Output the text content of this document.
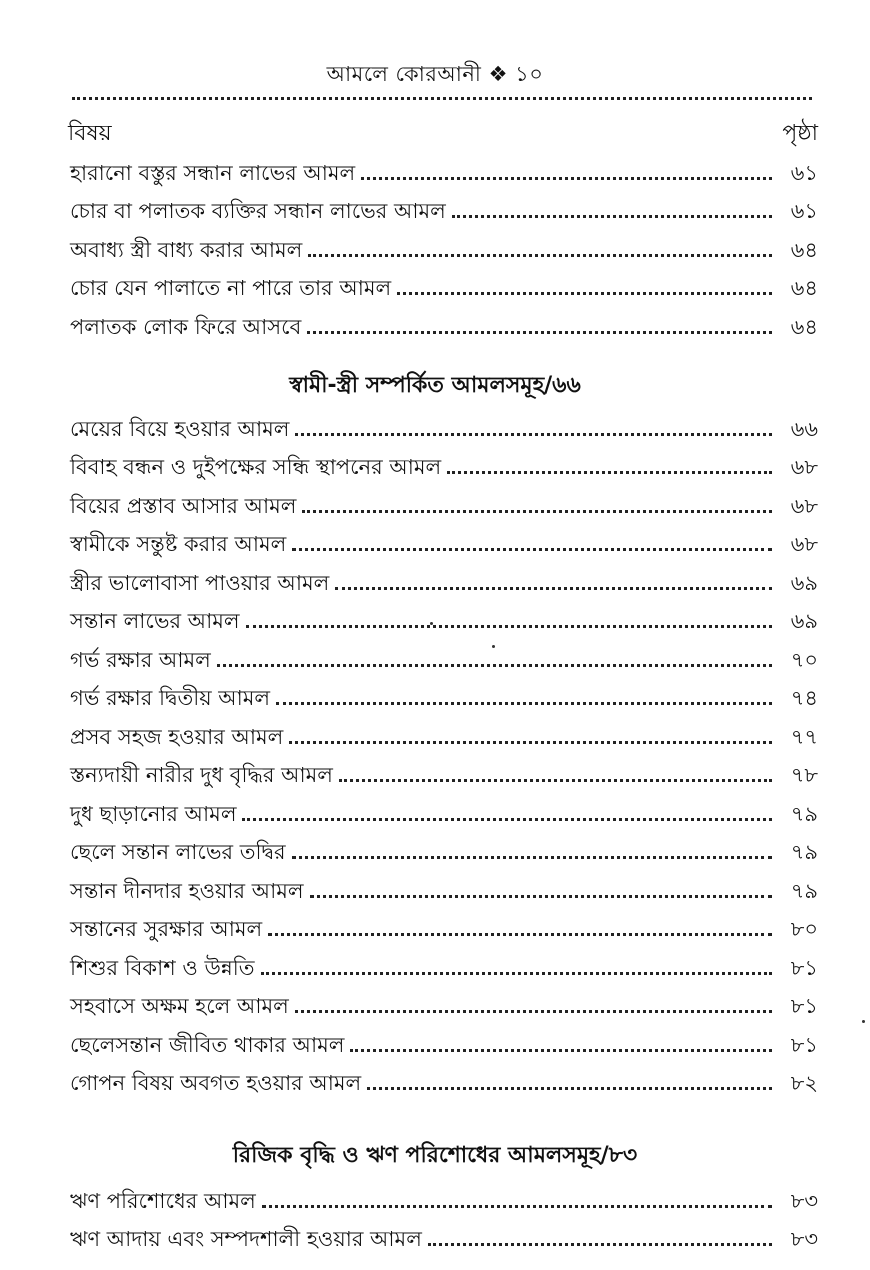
আমলে কোরআনী ❖ ১০
বিষয়	পৃষ্ঠা
হারানো বস্তুর সন্ধান লাভের আমল	৬১
চোর বা পলাতক ব্যক্তির সন্ধান লাভের আমল	৬১
অবাধ্য স্ত্রী বাধ্য করার আমল	৬৪
চোর যেন পালাতে না পারে তার আমল	৬৪
পলাতক লোক ফিরে আসবে	৬৪
স্বামী-স্ত্রী সম্পর্কিত আমলসমূহ/৬৬
মেয়ের বিয়ে হওয়ার আমল	৬৬
বিবাহ বন্ধন ও দুইপক্ষের সন্ধি স্থাপনের আমল	৬৮
বিয়ের প্রস্তাব আসার আমল	৬৮
স্বামীকে সন্তুষ্ট করার আমল	৬৮
স্ত্রীর ভালোবাসা পাওয়ার আমল	৬৯
সন্তান লাভের আমল	৬৯
গর্ভ রক্ষার আমল	৭০
গর্ভ রক্ষার দ্বিতীয় আমল	৭৪
প্রসব সহজ হওয়ার আমল	৭৭
স্তন্যদায়ী নারীর দুধ বৃদ্ধির আমল	৭৮
দুধ ছাড়ানোর আমল	৭৯
ছেলে সন্তান লাভের তদ্বির	৭৯
সন্তান দীনদার হওয়ার আমল	৭৯
সন্তানের সুরক্ষার আমল	৮০
শিশুর বিকাশ ও উন্নতি	৮১
সহবাসে অক্ষম হলে আমল	৮১
ছেলেসন্তান জীবিত থাকার আমল	৮১
গোপন বিষয় অবগত হওয়ার আমল	৮২
রিজিক বৃদ্ধি ও ঋণ পরিশোধের আমলসমূহ/৮৩
ঋণ পরিশোধের আমল	৮৩
ঋণ আদায় এবং সম্পদশালী হওয়ার আমল	৮৩
